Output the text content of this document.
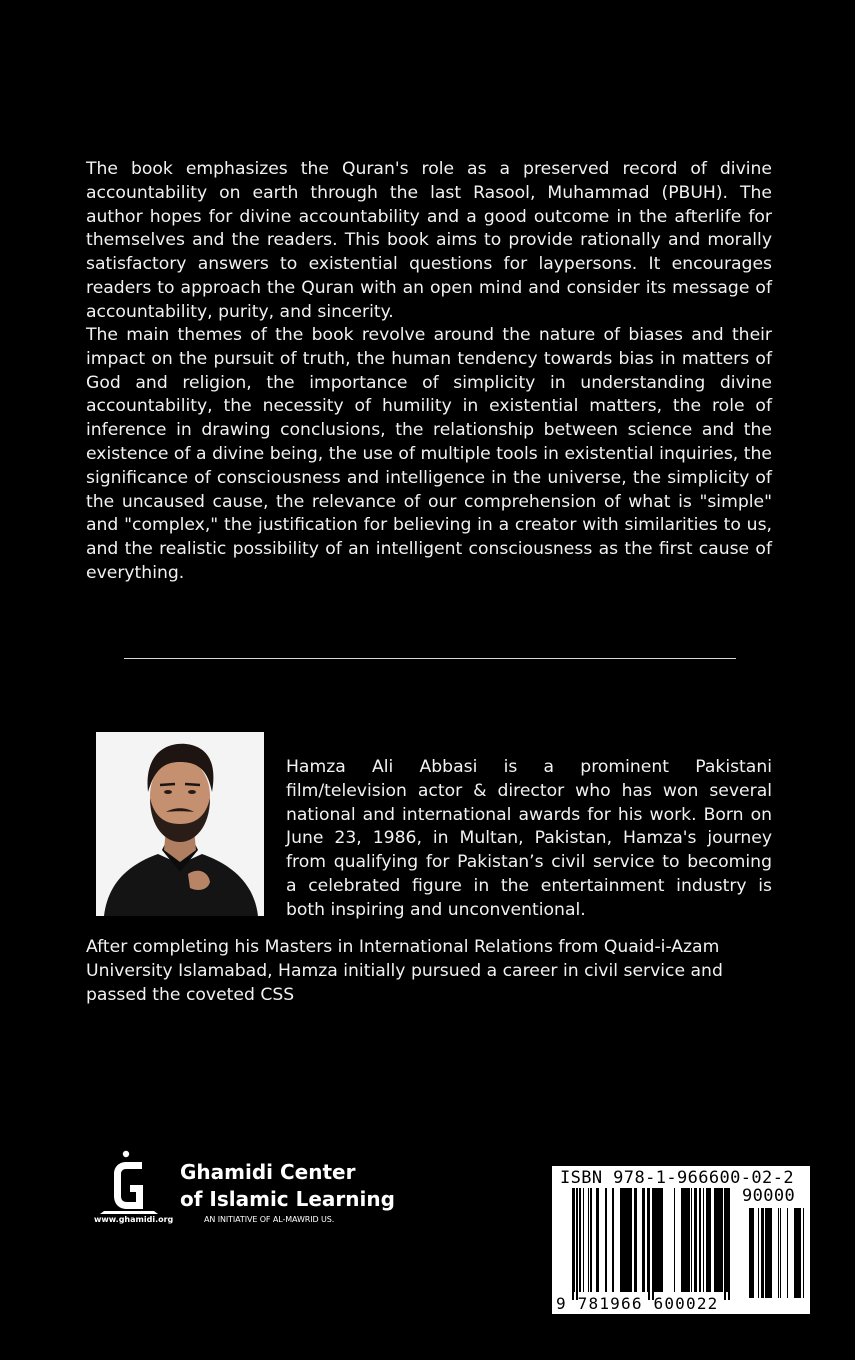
The book emphasizes the Quran's role as a preserved record of divine accountability on earth through the last Rasool, Muhammad (PBUH). The author hopes for divine accountability and a good outcome in the afterlife for themselves and the readers. This book aims to provide rationally and morally satisfactory answers to existential questions for laypersons. It encourages readers to approach the Quran with an open mind and consider its message of accountability, purity, and sincerity.

The main themes of the book revolve around the nature of biases and their impact on the pursuit of truth, the human tendency towards bias in matters of God and religion, the importance of simplicity in understanding divine accountability, the necessity of humility in existential matters, the role of inference in drawing conclusions, the relationship between science and the existence of a divine being, the use of multiple tools in existential inquiries, the significance of consciousness and intelligence in the universe, the simplicity of the uncaused cause, the relevance of our comprehension of what is "simple" and "complex," the justification for believing in a creator with similarities to us, and the realistic possibility of an intelligent consciousness as the first cause of everything.

Hamza Ali Abbasi is a prominent Pakistani film/television actor & director who has won several national and international awards for his work. Born on June 23, 1986, in Multan, Pakistan, Hamza's journey from qualifying for Pakistan’s civil service to becoming a celebrated figure in the entertainment industry is both inspiring and unconventional.

After completing his Masters in International Relations from Quaid-i-Azam University Islamabad, Hamza initially pursued a career in civil service and passed the coveted CSS

Ghamidi Center
of Islamic Learning
www.ghamidi.org	AN INITIATIVE OF AL-MAWRID US.
ISBN 978-1-966600-02-2
90000
9 781966 600022
